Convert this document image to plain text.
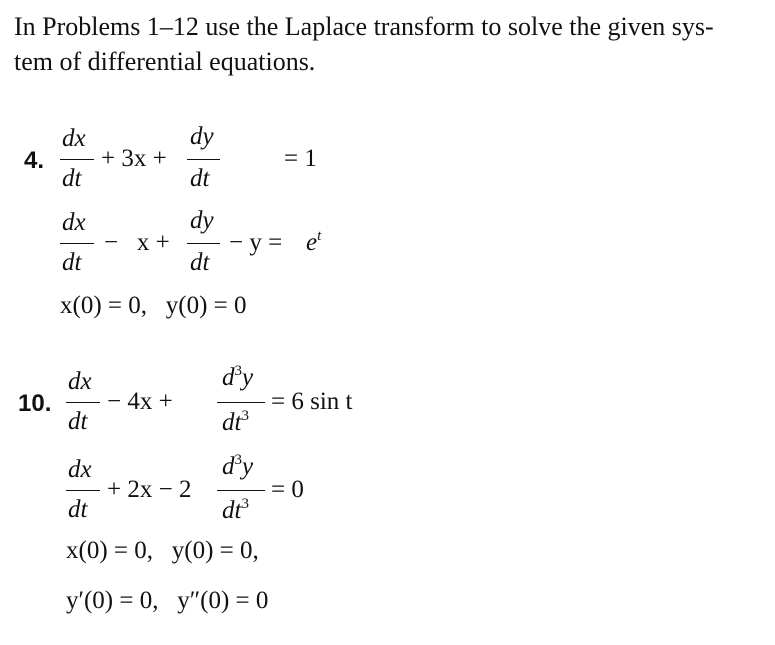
In Problems 1–12 use the Laplace transform to solve the given sys-
tem of differential equations.
4.
dx
dt
+ 3x +
dy
dt
= 1
dx
dt
−   x +
dy
dt
− $y = e^t$
x(0) = 0,   y(0) = 0
10.
dx
dt
− 4x +
$d^3y$
$dt^3$
= 6 sin t
dx
dt
+ 2x − 2
$d^3y$
$dt^3$
= 0
x(0) = 0,   y(0) = 0,
y′(0) = 0,   y″(0) = 0
